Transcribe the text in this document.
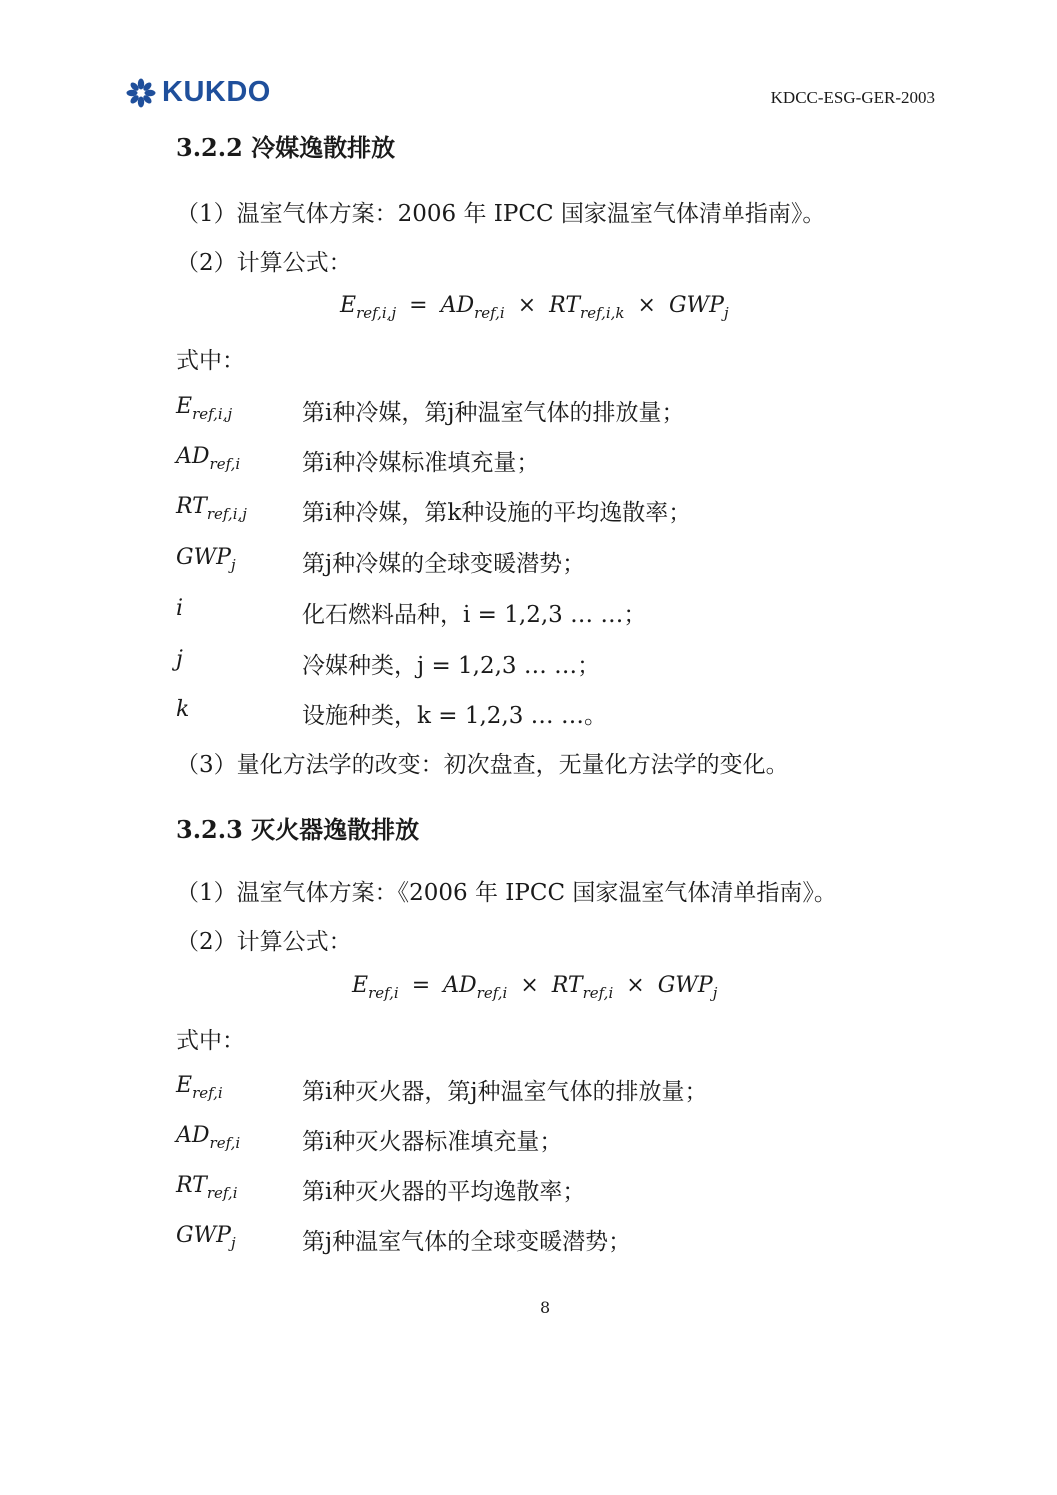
KUKDO	KDCC-ESG-GER-2003
3.2.2 冷媒逸散排放
（1）温室气体方案：2006 年 IPCC 国家温室气体清单指南》。
（2）计算公式：
$E_{ref,i,j} = AD_{ref,i} \times RT_{ref,i,k} \times GWP_j$
式中：
$E_{ref,i,j}$	第i种冷媒，第j种温室气体的排放量；
$AD_{ref,i}$	第i种冷媒标准填充量；
$RT_{ref,i,j}$ 第i种冷媒，第k种设施的平均逸散率；
$GWP_j$	第j种冷媒的全球变暖潜势；
i	化石燃料品种，i = 1,2,3 … …；
j	冷媒种类，j = 1,2,3 … …；
k	设施种类，k = 1,2,3 … …。
（3）量化方法学的改变：初次盘查，无量化方法学的变化。
3.2.3 灭火器逸散排放
（1）温室气体方案：《2006 年 IPCC 国家温室气体清单指南》。
（2）计算公式：
$E_{ref,i} = AD_{ref,i} \times RT_{ref,i} \times GWP_j$
式中：
$E_{ref,i}$	第i种灭火器，第j种温室气体的排放量；
$AD_{ref,i}$	第i种灭火器标准填充量；
$RT_{ref,i}$	第i种灭火器的平均逸散率；
$GWP_j$	第j种温室气体的全球变暖潜势；
8
